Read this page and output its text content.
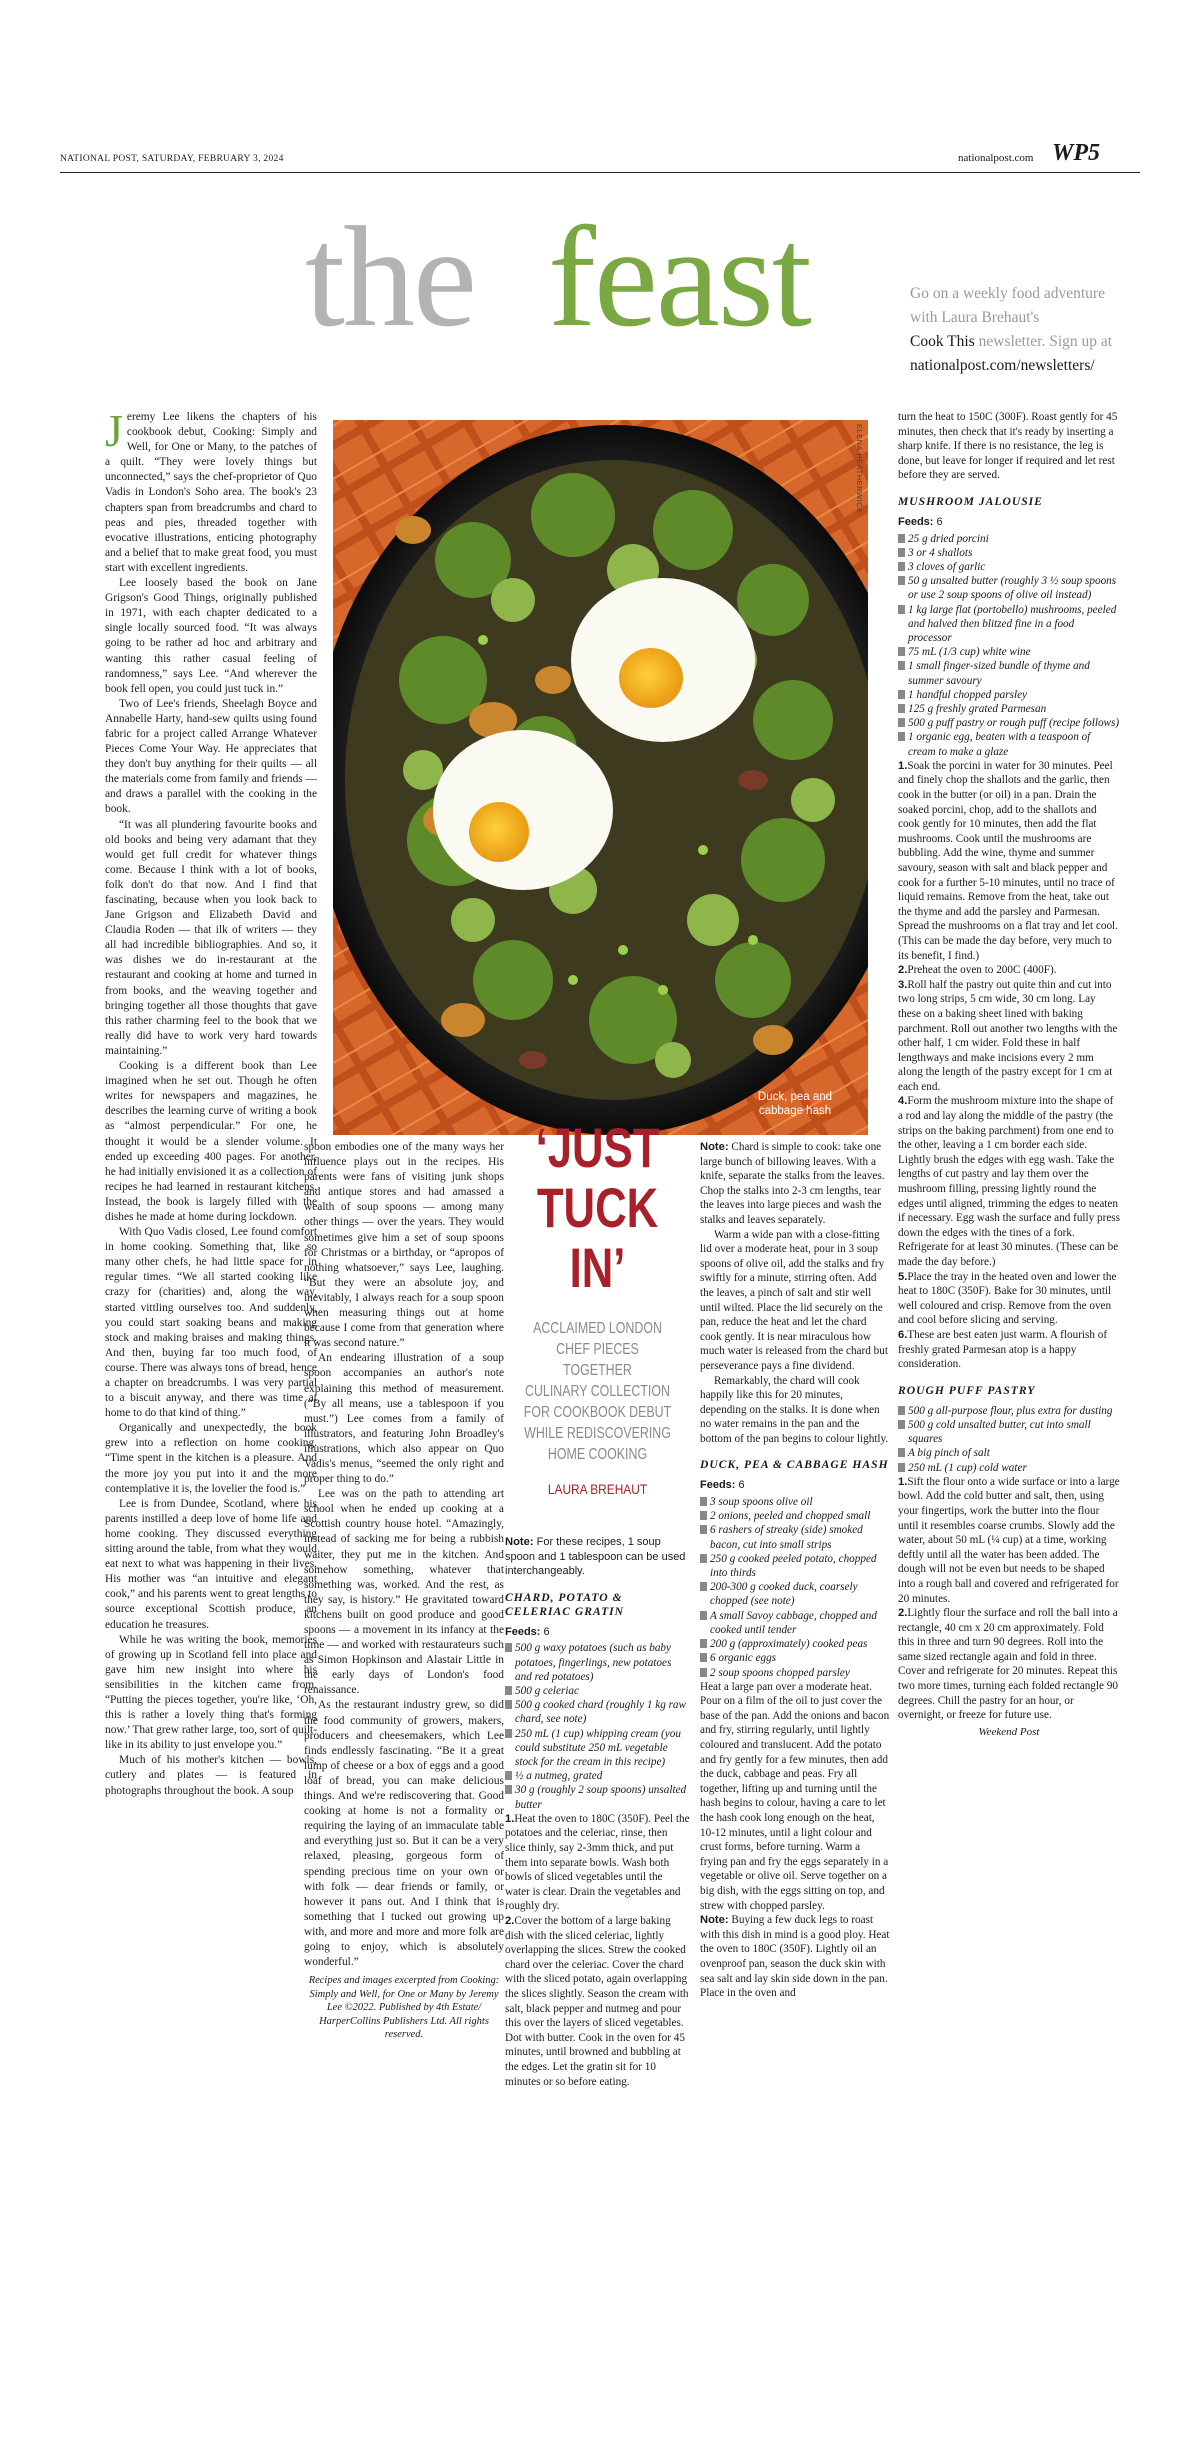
NATIONAL POST, SATURDAY, FEBRUARY 3, 2024	nationalpost.com WP5
the feast	Go on a weekly food adventure
with Laura Brehaut's
Cook This newsletter. Sign up at
nationalpost.com/newsletters/
ELENA HEATHERWICK
Duck, pea and
cabbage hash
‘JUST
TUCK
IN’
ACCLAIMED LONDON
CHEF PIECES TOGETHER
CULINARY COLLECTION
FOR COOKBOOK DEBUT
WHILE REDISCOVERING
HOME COOKING
LAURA BREHAUT

Jeremy Lee likens the chapters of his cookbook debut, Cooking: Simply and Well, for One or Many, to the patches of a quilt. “They were lovely things but unconnected,” says the chef-proprietor of Quo Vadis in London's Soho area. The book's 23 chapters span from breadcrumbs and chard to peas and pies, threaded together with evocative illustrations, enticing photography and a belief that to make great food, you must start with excellent ingredients.

Lee loosely based the book on Jane Grigson's Good Things, originally published in 1971, with each chapter dedicated to a single locally sourced food. “It was always going to be rather ad hoc and arbitrary and wanting this rather casual feeling of randomness,” says Lee. “And wherever the book fell open, you could just tuck in.”

Two of Lee's friends, Sheelagh Boyce and Annabelle Harty, hand-sew quilts using found fabric for a project called Arrange Whatever Pieces Come Your Way. He appreciates that they don't buy anything for their quilts — all the materials come from family and friends — and draws a parallel with the cooking in the book.

“It was all plundering favourite books and old books and being very adamant that they would get full credit for whatever things come. Because I think with a lot of books, folk don't do that now. And I find that fascinating, because when you look back to Jane Grigson and Elizabeth David and Claudia Roden — that ilk of writers — they all had incredible bibliographies. And so, it was dishes we do in-restaurant at the restaurant and cooking at home and turned in from books, and the weaving together and bringing together all those thoughts that gave this rather charming feel to the book that we really did have to work very hard towards maintaining.”

Cooking is a different book than Lee imagined when he set out. Though he often writes for newspapers and magazines, he describes the learning curve of writing a book as “almost perpendicular.” For one, he thought it would be a slender volume. It ended up exceeding 400 pages. For another, he had initially envisioned it as a collection of recipes he had learned in restaurant kitchens. Instead, the book is largely filled with the dishes he made at home during lockdown.

With Quo Vadis closed, Lee found comfort in home cooking. Something that, like so many other chefs, he had little space for in regular times. “We all started cooking like crazy for (charities) and, along the way, started vittling ourselves too. And suddenly, you could start soaking beans and making stock and making braises and making things. And then, buying far too much food, of course. There was always tons of bread, hence a chapter on breadcrumbs. I was very partial to a biscuit anyway, and there was time at home to do that kind of thing.”

Organically and unexpectedly, the book grew into a reflection on home cooking. “Time spent in the kitchen is a pleasure. And the more joy you put into it and the more contemplative it is, the lovelier the food is.”

Lee is from Dundee, Scotland, where his parents instilled a deep love of home life and home cooking. They discussed everything sitting around the table, from what they would eat next to what was happening in their lives. His mother was “an intuitive and elegant cook,” and his parents went to great lengths to source exceptional Scottish produce, an education he treasures.

While he was writing the book, memories of growing up in Scotland fell into place and gave him new insight into where his sensibilities in the kitchen came from. “Putting the pieces together, you're like, ‘Oh, this is rather a lovely thing that's forming now.’ That grew rather large, too, sort of quilt-like in its ability to just envelope you.”

Much of his mother's kitchen — bowls, cutlery and plates — is featured in photographs throughout the book. A soup

spoon embodies one of the many ways her influence plays out in the recipes. His parents were fans of visiting junk shops and antique stores and had amassed a wealth of soup spoons — among many other things — over the years. They would sometimes give him a set of soup spoons for Christmas or a birthday, or “apropos of nothing whatsoever,” says Lee, laughing. “But they were an absolute joy, and inevitably, I always reach for a soup spoon when measuring things out at home because I come from that generation where it was second nature.”

An endearing illustration of a soup spoon accompanies an author's note explaining this method of measurement. (“By all means, use a tablespoon if you must.”) Lee comes from a family of illustrators, and featuring John Broadley's illustrations, which also appear on Quo Vadis's menus, “seemed the only right and proper thing to do.”

Lee was on the path to attending art school when he ended up cooking at a Scottish country house hotel. “Amazingly, instead of sacking me for being a rubbish waiter, they put me in the kitchen. And somehow something, whatever that something was, worked. And the rest, as they say, is history.” He gravitated toward kitchens built on good produce and good spoons — a movement in its infancy at the time — and worked with restaurateurs such as Simon Hopkinson and Alastair Little in the early days of London's food renaissance.

As the restaurant industry grew, so did the food community of growers, makers, producers and cheesemakers, which Lee finds endlessly fascinating. “Be it a great lump of cheese or a box of eggs and a good loaf of bread, you can make delicious things. And we're rediscovering that. Good cooking at home is not a formality or requiring the laying of an immaculate table and everything just so. But it can be a very relaxed, pleasing, gorgeous form of spending precious time on your own or with folk — dear friends or family, or however it pans out. And I think that is something that I tucked out growing up with, and more and more and more folk are going to enjoy, which is absolutely wonderful.”

Recipes and images excerpted from Cooking: Simply and Well, for One or Many by Jeremy Lee ©2022. Published by 4th Estate/ HarperCollins Publishers Ltd. All rights reserved.

Note: For these recipes, 1 soup spoon and 1 tablespoon can be used interchangeably.
CHARD, POTATO & CELERIAC GRATIN
Feeds: 6
500 g waxy potatoes (such as baby potatoes, fingerlings, new potatoes and red potatoes)
500 g celeriac
500 g cooked chard (roughly 1 kg raw chard, see note)
250 mL (1 cup) whipping cream (you could substitute 250 mL vegetable stock for the cream in this recipe)
½ a nutmeg, grated
30 g (roughly 2 soup spoons) unsalted butter
1.Heat the oven to 180C (350F). Peel the potatoes and the celeriac, rinse, then slice thinly, say 2-3mm thick, and put them into separate bowls. Wash both bowls of sliced vegetables until the water is clear. Drain the vegetables and roughly dry.
2.Cover the bottom of a large baking dish with the sliced celeriac, lightly overlapping the slices. Strew the cooked chard over the celeriac. Cover the chard with the sliced potato, again overlapping the slices slightly. Season the cream with salt, black pepper and nutmeg and pour this over the layers of sliced vegetables. Dot with butter. Cook in the oven for 45 minutes, until browned and bubbling at the edges. Let the gratin sit for 10 minutes or so before eating.
Note: Chard is simple to cook: take one large bunch of billowing leaves. With a knife, separate the stalks from the leaves. Chop the stalks into 2-3 cm lengths, tear the leaves into large pieces and wash the stalks and leaves separately.
Warm a wide pan with a close-fitting lid over a moderate heat, pour in 3 soup spoons of olive oil, add the stalks and fry swiftly for a minute, stirring often. Add the leaves, a pinch of salt and stir well until wilted. Place the lid securely on the pan, reduce the heat and let the chard cook gently. It is near miraculous how much water is released from the chard but perseverance pays a fine dividend.
Remarkably, the chard will cook happily like this for 20 minutes, depending on the stalks. It is done when no water remains in the pan and the bottom of the pan begins to colour lightly.
DUCK, PEA & CABBAGE HASH
Feeds: 6
3 soup spoons olive oil
2 onions, peeled and chopped small
6 rashers of streaky (side) smoked bacon, cut into small strips
250 g cooked peeled potato, chopped into thirds
200-300 g cooked duck, coarsely chopped (see note)
A small Savoy cabbage, chopped and cooked until tender
200 g (approximately) cooked peas
6 organic eggs
2 soup spoons chopped parsley
Heat a large pan over a moderate heat. Pour on a film of the oil to just cover the base of the pan. Add the onions and bacon and fry, stirring regularly, until lightly coloured and translucent. Add the potato and fry gently for a few minutes, then add the duck, cabbage and peas. Fry all together, lifting up and turning until the hash begins to colour, having a care to let the hash cook long enough on the heat, 10-12 minutes, until a light colour and crust forms, before turning. Warm a frying pan and fry the eggs separately in a vegetable or olive oil. Serve together on a big dish, with the eggs sitting on top, and strew with chopped parsley.
Note: Buying a few duck legs to roast with this dish in mind is a good ploy. Heat the oven to 180C (350F). Lightly oil an ovenproof pan, season the duck skin with sea salt and lay skin side down in the pan. Place in the oven and
turn the heat to 150C (300F). Roast gently for 45 minutes, then check that it's ready by inserting a sharp knife. If there is no resistance, the leg is done, but leave for longer if required and let rest before they are served.
MUSHROOM JALOUSIE
Feeds: 6
25 g dried porcini
3 or 4 shallots
3 cloves of garlic
50 g unsalted butter (roughly 3 ½ soup spoons or use 2 soup spoons of olive oil instead)
1 kg large flat (portobello) mushrooms, peeled and halved then blitzed fine in a food processor
75 mL (1/3 cup) white wine
1 small finger-sized bundle of thyme and summer savoury
1 handful chopped parsley
125 g freshly grated Parmesan
500 g puff pastry or rough puff (recipe follows)
1 organic egg, beaten with a teaspoon of cream to make a glaze
1.Soak the porcini in water for 30 minutes. Peel and finely chop the shallots and the garlic, then cook in the butter (or oil) in a pan. Drain the soaked porcini, chop, add to the shallots and cook gently for 10 minutes, then add the flat mushrooms. Cook until the mushrooms are bubbling. Add the wine, thyme and summer savoury, season with salt and black pepper and cook for a further 5-10 minutes, until no trace of liquid remains. Remove from the heat, take out the thyme and add the parsley and Parmesan. Spread the mushrooms on a flat tray and let cool. (This can be made the day before, very much to its benefit, I find.)
2.Preheat the oven to 200C (400F).
3.Roll half the pastry out quite thin and cut into two long strips, 5 cm wide, 30 cm long. Lay these on a baking sheet lined with baking parchment. Roll out another two lengths with the other half, 1 cm wider. Fold these in half lengthways and make incisions every 2 mm along the length of the pastry except for 1 cm at each end.
4.Form the mushroom mixture into the shape of a rod and lay along the middle of the pastry (the strips on the baking parchment) from one end to the other, leaving a 1 cm border each side. Lightly brush the edges with egg wash. Take the lengths of cut pastry and lay them over the mushroom filling, pressing lightly round the edges until aligned, trimming the edges to neaten if necessary. Egg wash the surface and fully press down the edges with the tines of a fork. Refrigerate for at least 30 minutes. (These can be made the day before.)
5.Place the tray in the heated oven and lower the heat to 180C (350F). Bake for 30 minutes, until well coloured and crisp. Remove from the oven and cool before slicing and serving.
6.These are best eaten just warm. A flourish of freshly grated Parmesan atop is a happy consideration.
ROUGH PUFF PASTRY
500 g all-purpose flour, plus extra for dusting
500 g cold unsalted butter, cut into small squares
A big pinch of salt
250 mL (1 cup) cold water
1.Sift the flour onto a wide surface or into a large bowl. Add the cold butter and salt, then, using your fingertips, work the butter into the flour until it resembles coarse crumbs. Slowly add the water, about 50 mL (¼ cup) at a time, working deftly until all the water has been added. The dough will not be even but needs to be shaped into a rough ball and covered and refrigerated for 20 minutes.
2.Lightly flour the surface and roll the ball into a rectangle, 40 cm x 20 cm approximately. Fold this in three and turn 90 degrees. Roll into the same sized rectangle again and fold in three. Cover and refrigerate for 20 minutes. Repeat this two more times, turning each folded rectangle 90 degrees. Chill the pastry for an hour, or overnight, or freeze for future use.
Weekend Post
